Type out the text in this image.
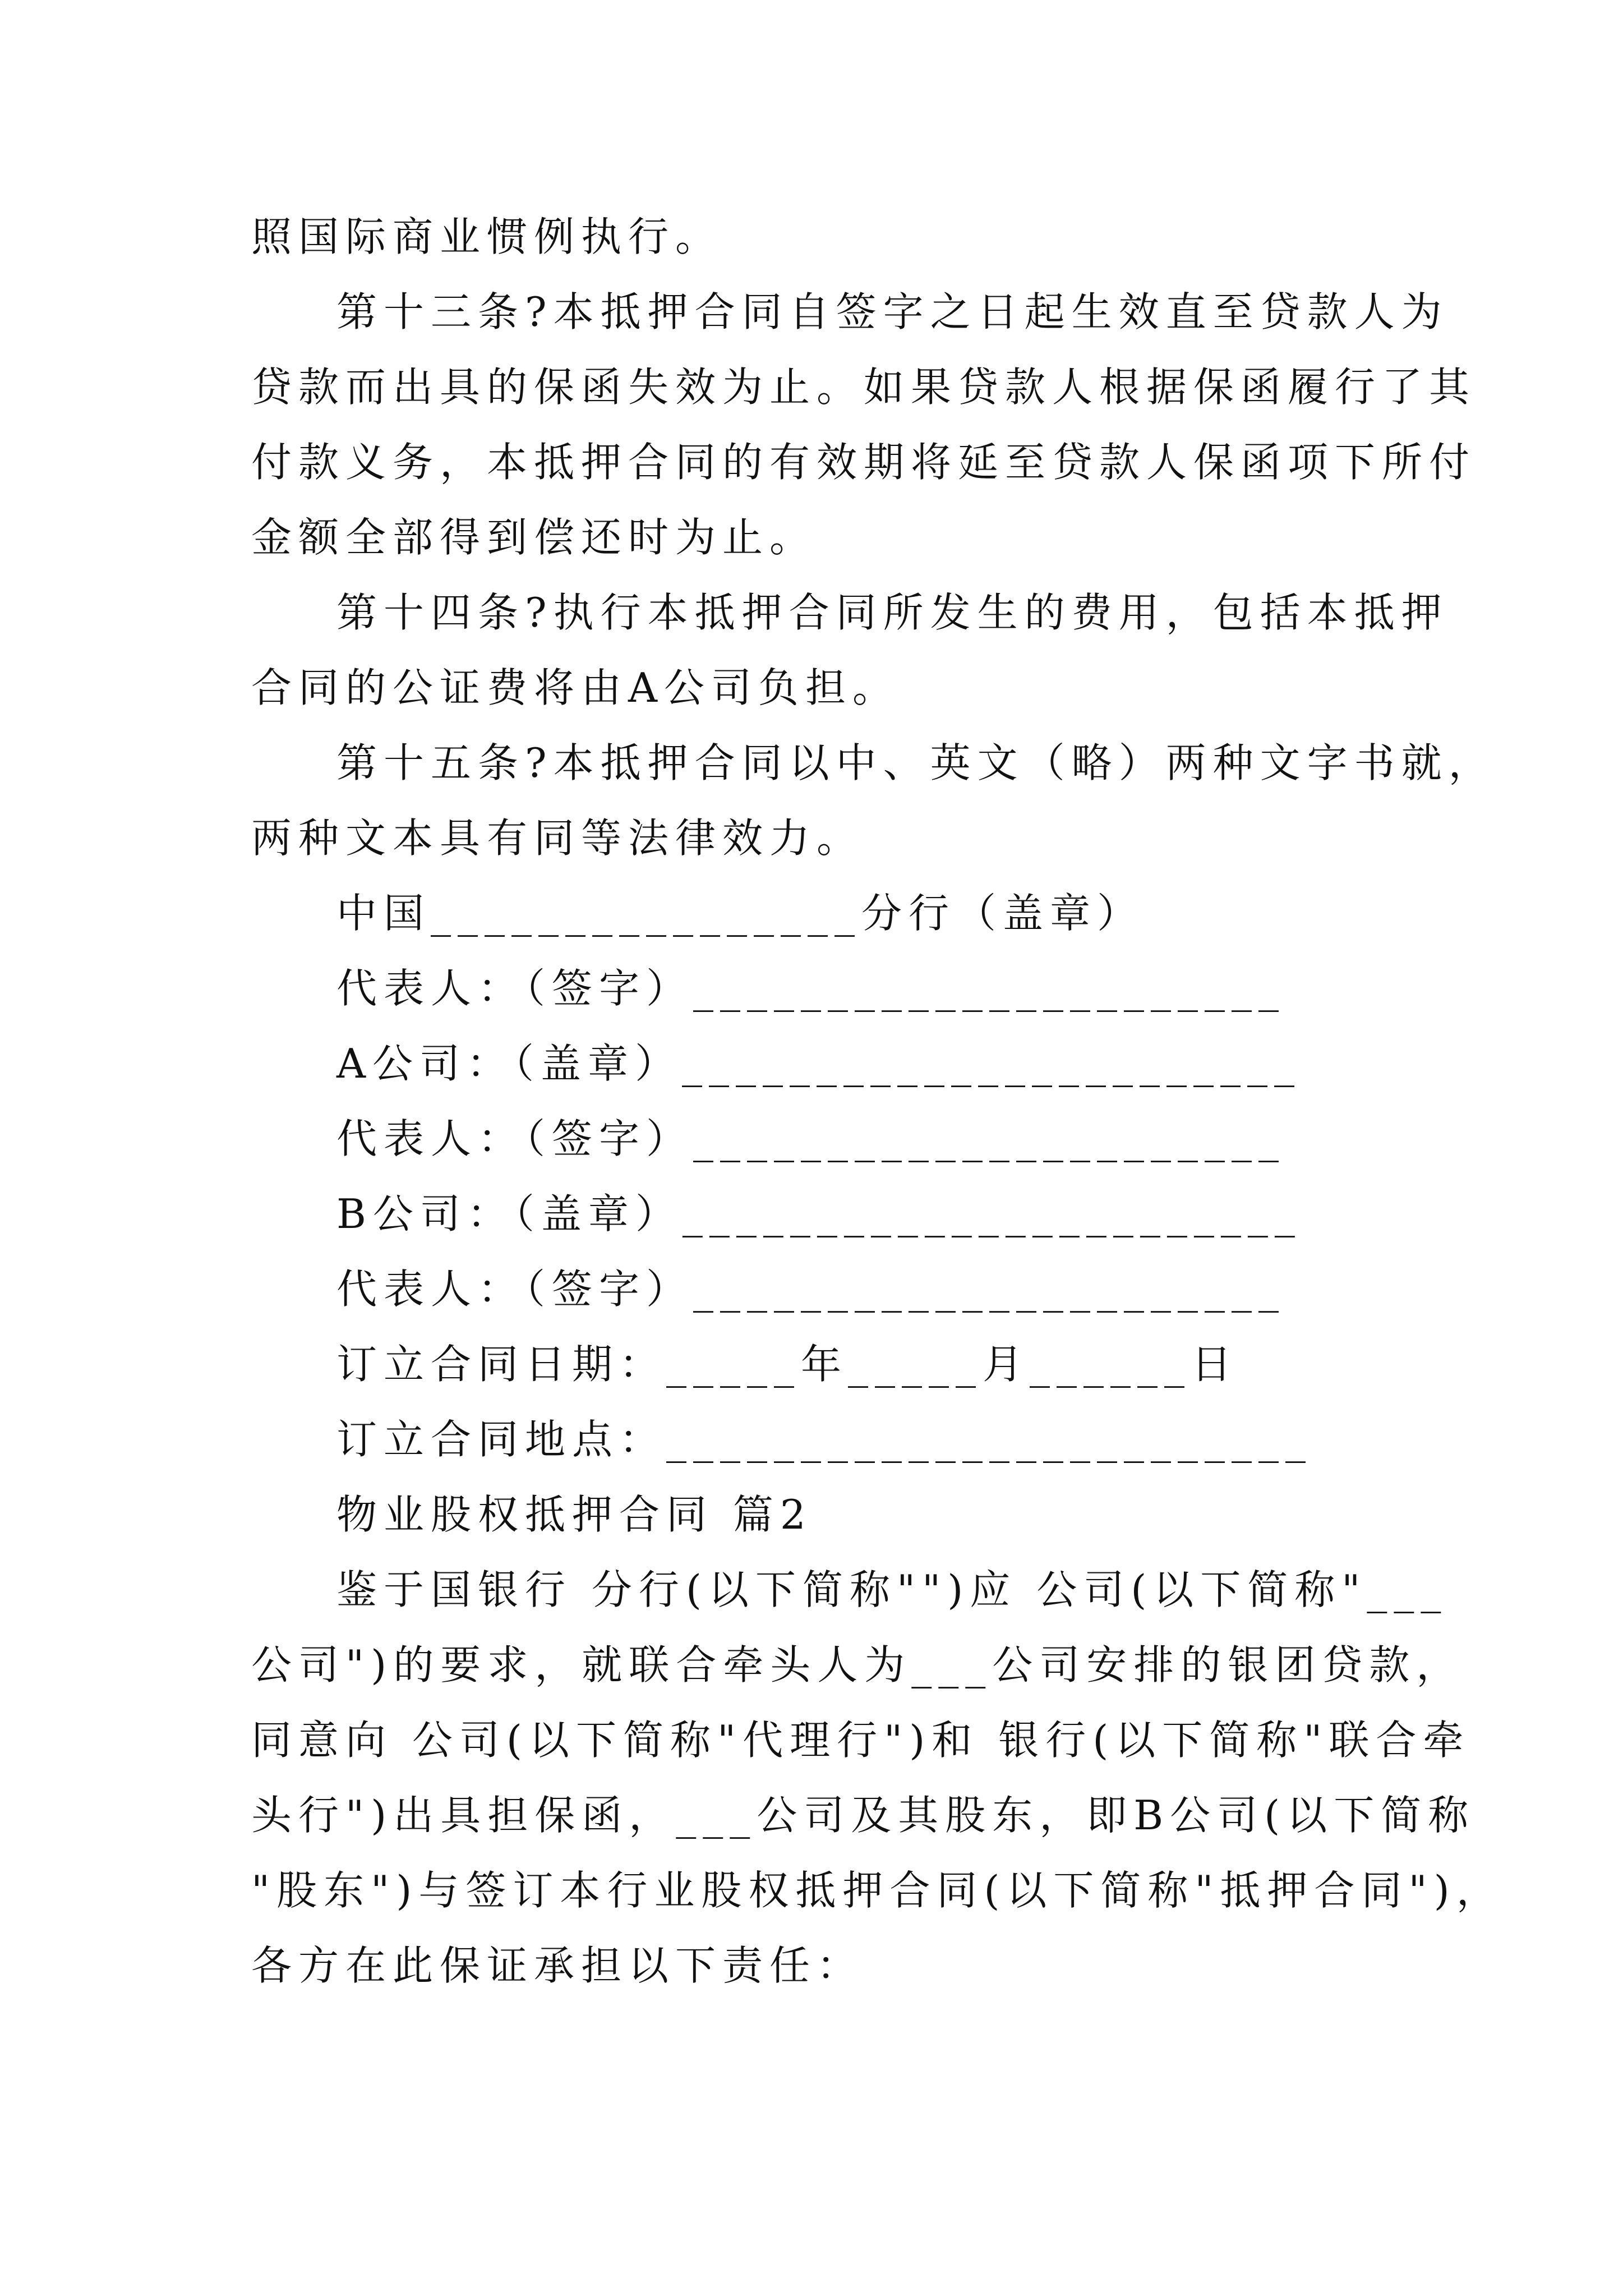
照国际商业惯例执行。

第十三条?本抵押合同自签字之日起生效直至贷款人为

贷款而出具的保函失效为止。如果贷款人根据保函履行了其

付款义务，本抵押合同的有效期将延至贷款人保函项下所付

金额全部得到偿还时为止。

第十四条?执行本抵押合同所发生的费用，包括本抵押

合同的公证费将由A公司负担。

第十五条?本抵押合同以中、英文（略）两种文字书就，

两种文本具有同等法律效力。

中国________________分行（盖章）

代表人：（签字）______________________

A公司：（盖章）_______________________

代表人：（签字）______________________

B公司：（盖章）_______________________

代表人：（签字）______________________

订立合同日期：_____年_____月______日

订立合同地点：________________________

物业股权抵押合同 篇2

鉴于国银行 分行(以下简称"")应 公司(以下简称"___

公司")的要求，就联合牵头人为___公司安排的银团贷款，

同意向 公司(以下简称"代理行")和 银行(以下简称"联合牵

头行")出具担保函，___公司及其股东，即B公司(以下简称

"股东")与签订本行业股权抵押合同(以下简称"抵押合同")，

各方在此保证承担以下责任：
